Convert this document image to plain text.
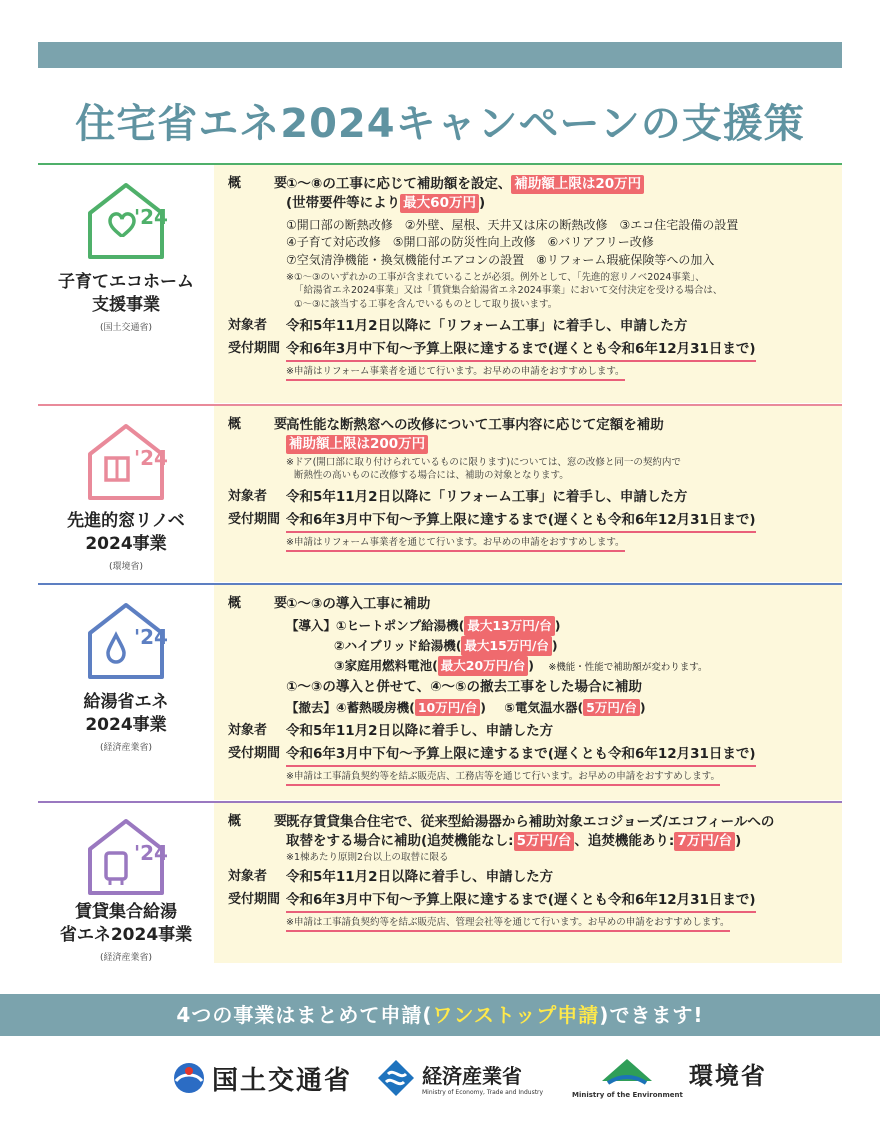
住宅省エネ2024キャンペーンの支援策
'24
子育てエコホーム
支援事業
(国土交通省)
概　要
①〜⑧の工事に応じて補助額を設定、 補助額上限は20万円
(世帯要件等により 最大60万円 )
①開口部の断熱改修　②外壁、屋根、天井又は床の断熱改修　③エコ住宅設備の設置
④子育て対応改修　⑤開口部の防災性向上改修　⑥バリアフリー改修
⑦空気清浄機能・換気機能付エアコンの設置　⑧リフォーム瑕疵保険等への加入
※①〜③のいずれかの工事が含まれていることが必須。例外として、「先進的窓リノベ2024事業」、
「給湯省エネ2024事業」又は「賃貸集合給湯省エネ2024事業」において交付決定を受ける場合は、
①〜③に該当する工事を含んでいるものとして取り扱います。
対象者	令和5年11月2日以降に「リフォーム工事」に着手し、申請した方
受付期間 令和6年3月中下旬〜予算上限に達するまで(遅くとも令和6年12月31日まで)
※申請はリフォーム事業者を通じて行います。お早めの申請をおすすめします。
'24
先進的窓リノベ
2024事業
(環境省)
概　要
高性能な断熱窓への改修について工事内容に応じて定額を補助
補助額上限は200万円
※ドア(開口部に取り付けられているものに限ります)については、窓の改修と同一の契約内で
断熱性の高いものに改修する場合には、補助の対象となります。
対象者	令和5年11月2日以降に「リフォーム工事」に着手し、申請した方
受付期間 令和6年3月中下旬〜予算上限に達するまで(遅くとも令和6年12月31日まで)
※申請はリフォーム事業者を通じて行います。お早めの申請をおすすめします。
'24
給湯省エネ
2024事業
(経済産業省)
概　要
①〜③の導入工事に補助
【導入】①ヒートポンプ給湯機( 最大13万円/台 )
②ハイブリッド給湯機( 最大15万円/台 )
③家庭用燃料電池( 最大20万円/台 ) ※機能・性能で補助額が変わります。
①〜③の導入と併せて、④〜⑤の撤去工事をした場合に補助
【撤去】④蓄熱暖房機( 10万円/台 ) ⑤電気温水器( 5万円/台 )
対象者	令和5年11月2日以降に着手し、申請した方
受付期間 令和6年3月中下旬〜予算上限に達するまで(遅くとも令和6年12月31日まで)
※申請は工事請負契約等を結ぶ販売店、工務店等を通じて行います。お早めの申請をおすすめします。
'24
賃貸集合給湯
省エネ2024事業
(経済産業省)
概　要
既存賃貸集合住宅で、従来型給湯器から補助対象エコジョーズ/エコフィールへの
取替をする場合に補助(追焚機能なし: 5万円/台 、追焚機能あり: 7万円/台 )
※1棟あたり原則2台以上の取替に限る
対象者	令和5年11月2日以降に着手し、申請した方
受付期間 令和6年3月中下旬〜予算上限に達するまで(遅くとも令和6年12月31日まで)
※申請は工事請負契約等を結ぶ販売店、管理会社等を通じて行います。お早めの申請をおすすめします。
4つの事業はまとめて申請(ワンストップ申請)できます!
国土交通省	経済産業省
Ministry of Economy, Trade and Industry	Ministry of the Environment
環境省
